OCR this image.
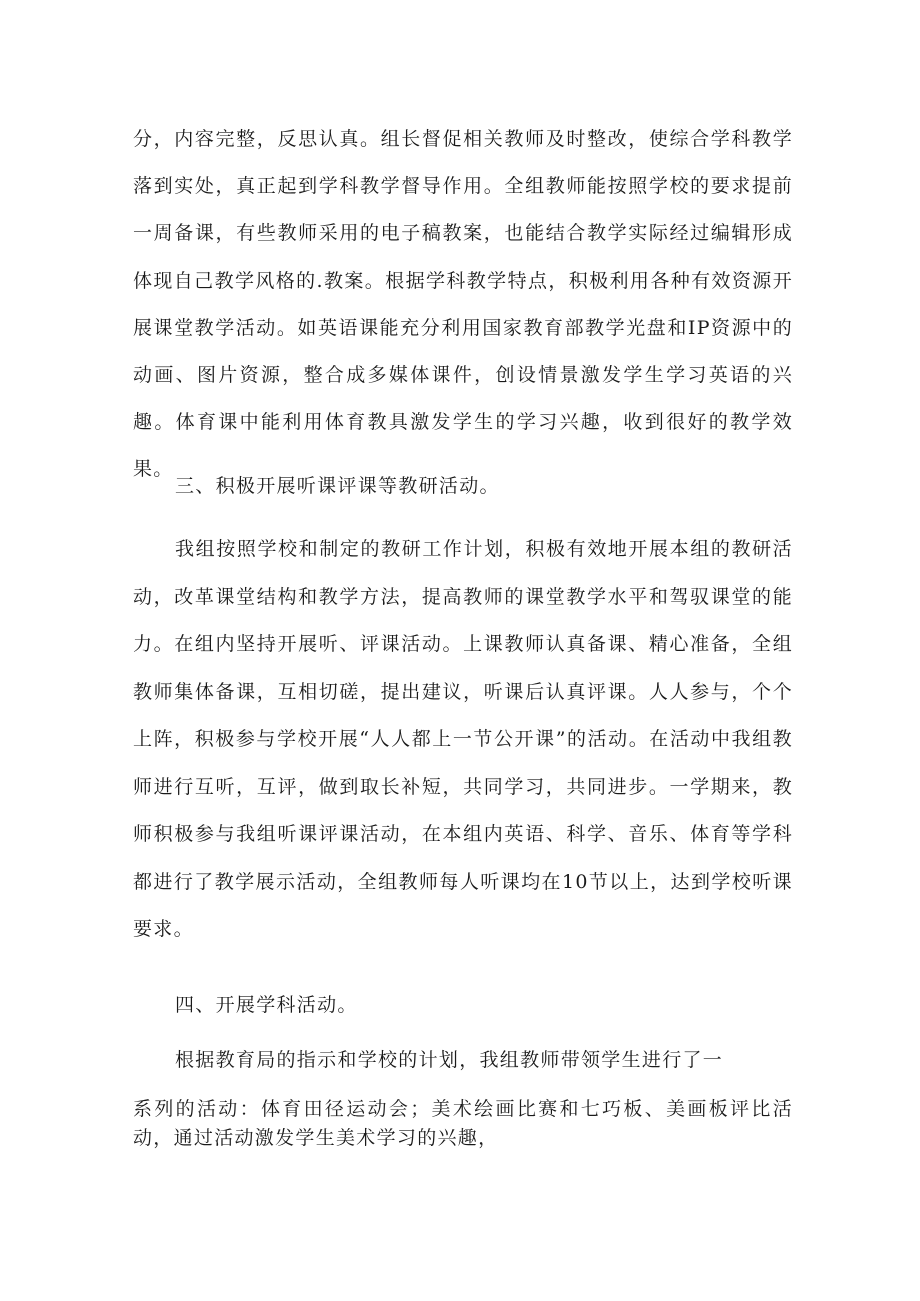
分，内容完整，反思认真。组长督促相关教师及时整改，使综合学科教学落到实处，真正起到学科教学督导作用。全组教师能按照学校的要求提前一周备课，有些教师采用的电子稿教案，也能结合教学实际经过编辑形成体现自己教学风格的.教案。根据学科教学特点，积极利用各种有效资源开展课堂教学活动。如英语课能充分利用国家教育部教学光盘和IP资源中的动画、图片资源，整合成多媒体课件，创设情景激发学生学习英语的兴趣。体育课中能利用体育教具激发学生的学习兴趣，收到很好的教学效果。

三、积极开展听课评课等教研活动。

我组按照学校和制定的教研工作计划，积极有效地开展本组的教研活动，改革课堂结构和教学方法，提高教师的课堂教学水平和驾驭课堂的能力。在组内坚持开展听、评课活动。上课教师认真备课、精心准备，全组教师集体备课，互相切磋，提出建议，听课后认真评课。人人参与，个个上阵，积极参与学校开展“人人都上一节公开课”的活动。在活动中我组教师进行互听，互评，做到取长补短，共同学习，共同进步。一学期来，教师积极参与我组听课评课活动，在本组内英语、科学、音乐、体育等学科都进行了教学展示活动，全组教师每人听课均在10节以上，达到学校听课要求。

四、开展学科活动。

根据教育局的指示和学校的计划，我组教师带领学生进行了一

系列的活动：体育田径运动会；美术绘画比赛和七巧板、美画板评比活动，通过活动激发学生美术学习的兴趣，
